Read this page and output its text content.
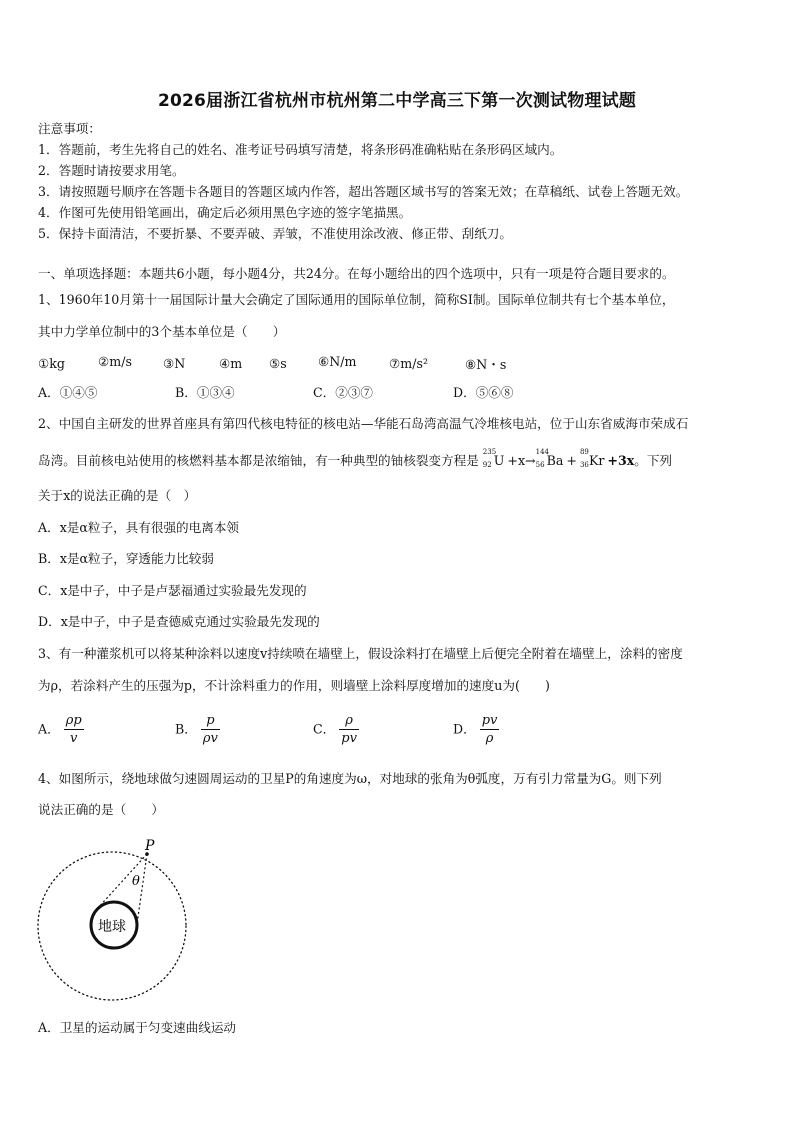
2026届浙江省杭州市杭州第二中学高三下第一次测试物理试题
注意事项：
1．答题前，考生先将自己的姓名、准考证号码填写清楚，将条形码准确粘贴在条形码区域内。
2．答题时请按要求用笔。
3．请按照题号顺序在答题卡各题目的答题区域内作答，超出答题区域书写的答案无效；在草稿纸、试卷上答题无效。
4．作图可先使用铅笔画出，确定后必须用黑色字迹的签字笔描黑。
5．保持卡面清洁，不要折暴、不要弄破、弄皱，不准使用涂改液、修正带、刮纸刀。
一、单项选择题：本题共6小题，每小题4分，共24分。在每小题给出的四个选项中，只有一项是符合题目要求的。
1、1960年10月第十一届国际计量大会确定了国际通用的国际单位制，简称SI制。国际单位制共有七个基本单位，
其中力学单位制中的3个基本单位是（　　）
①kg	②m/s ③N	④m ⑤s ⑥N/m	⑦m/s²	⑧N・s
A．①④⑤	B．①③④	C．②③⑦	D．⑤⑥⑧
2、中国自主研发的世界首座具有第四代核电特征的核电站—华能石岛湾高温气冷堆核电站，位于山东省威海市荣成石
岛湾。目前核电站使用的核燃料基本都是浓缩铀，有一种典型的铀核裂变方程是
235
92 U +x→
144
56 Ba +
89
36 Kr +3x。下列
关于x的说法正确的是（　）
A．x是α粒子，具有很强的电离本领
B．x是α粒子，穿透能力比较弱
C．x是中子，中子是卢瑟福通过实验最先发现的
D．x是中子，中子是查德威克通过实验最先发现的
3、有一种灌浆机可以将某种涂料以速度v持续喷在墙壁上，假设涂料打在墙壁上后便完全附着在墙壁上，涂料的密度
为ρ，若涂料产生的压强为p，不计涂料重力的作用，则墙壁上涂料厚度增加的速度u为(　　)
A． $\frac{\rho p}{v}$	B． $\frac{p}{\rho v}$	C． $\frac{\rho}{pv}$	D． $\frac{pv}{\rho}$
4、如图所示，绕地球做匀速圆周运动的卫星P的角速度为ω，对地球的张角为θ弧度，万有引力常量为G。则下列
说法正确的是（　　）
P
θ
地球
A．卫星的运动属于匀变速曲线运动
